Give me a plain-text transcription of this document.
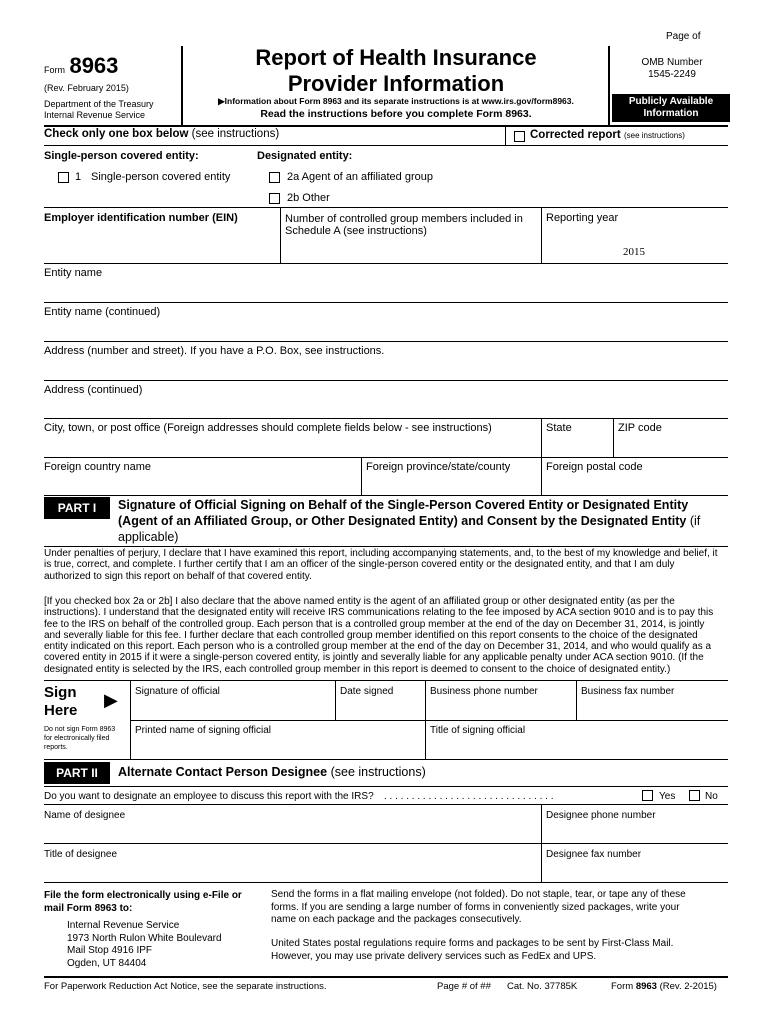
Page of
Form 8963
(Rev. February 2015)
Department of the Treasury
Internal Revenue Service
Report of Health Insurance
Provider Information
▶Information about Form 8963 and its separate instructions is at www.irs.gov/form8963.
Read the instructions before you complete Form 8963.
OMB Number
1545-2249
Publicly Available
Information
Check only one box below (see instructions)	Corrected report (see instructions)
Single-person covered entity:	Designated entity:
1 Single-person covered entity	2a Agent of an affiliated group
2b Other
Employer identification number (EIN)	Number of controlled group members included in
Schedule A (see instructions)
Reporting year
2015
Entity name
Entity name (continued)
Address (number and street). If you have a P.O. Box, see instructions.
Address (continued)
City, town, or post office (Foreign addresses should complete fields below - see instructions)	State	ZIP code
Foreign country name	Foreign province/state/county	Foreign postal code
PART I	Signature of Official Signing on Behalf of the Single-Person Covered Entity or Designated Entity
(Agent of an Affiliated Group, or Other Designated Entity) and Consent by the Designated Entity (if
applicable)
Under penalties of perjury, I declare that I have examined this report, including accompanying statements, and, to the best of my knowledge and belief, it
is true, correct, and complete. I further certify that I am an officer of the single-person covered entity or the designated entity, and that I am duly
authorized to sign this report on behalf of that covered entity.
[If you checked box 2a or 2b] I also declare that the above named entity is the agent of an affiliated group or other designated entity (as per the
instructions). I understand that the designated entity will receive IRS communications relating to the fee imposed by ACA section 9010 and is to pay this
fee to the IRS on behalf of the controlled group. Each person that is a controlled group member at the end of the day on December 31, 2014, is jointly
and severally liable for this fee. I further declare that each controlled group member identified on this report consents to the choice of the designated
entity indicated on this report. Each person who is a controlled group member at the end of the day on December 31, 2014, and who would qualify as a
covered entity in 2015 if it were a single-person covered entity, is jointly and severally liable for any applicable penalty under ACA section 9010. (If the
designated entity is selected by the IRS, each controlled group member in this report is deemed to consent to the choice of designated entity.)
Sign
Here
▶
Do not sign Form 8963
for electronically filed
reports.
Signature of official	Date signed	Business phone number	Business fax number
Printed name of signing official	Title of signing official
PART II	Alternate Contact Person Designee (see instructions)
Do you want to designate an employee to discuss this report with the IRS? . . . . . . . . . . . . . . . . . . . . . . . . . . . . . . .	Yes	No
Name of designee	Designee phone number
Title of designee	Designee fax number
File the form electronically using e-File or
mail Form 8963 to:
Internal Revenue Service
1973 North Rulon White Boulevard
Mail Stop 4916 IPF
Ogden, UT 84404
Send the forms in a flat mailing envelope (not folded). Do not staple, tear, or tape any of these
forms. If you are sending a large number of forms in conveniently sized packages, write your
name on each package and the packages consecutively.
United States postal regulations require forms and packages to be sent by First-Class Mail.
However, you may use private delivery services such as FedEx and UPS.
For Paperwork Reduction Act Notice, see the separate instructions.	Page # of ## Cat. No. 37785K	Form 8963 (Rev. 2-2015)
